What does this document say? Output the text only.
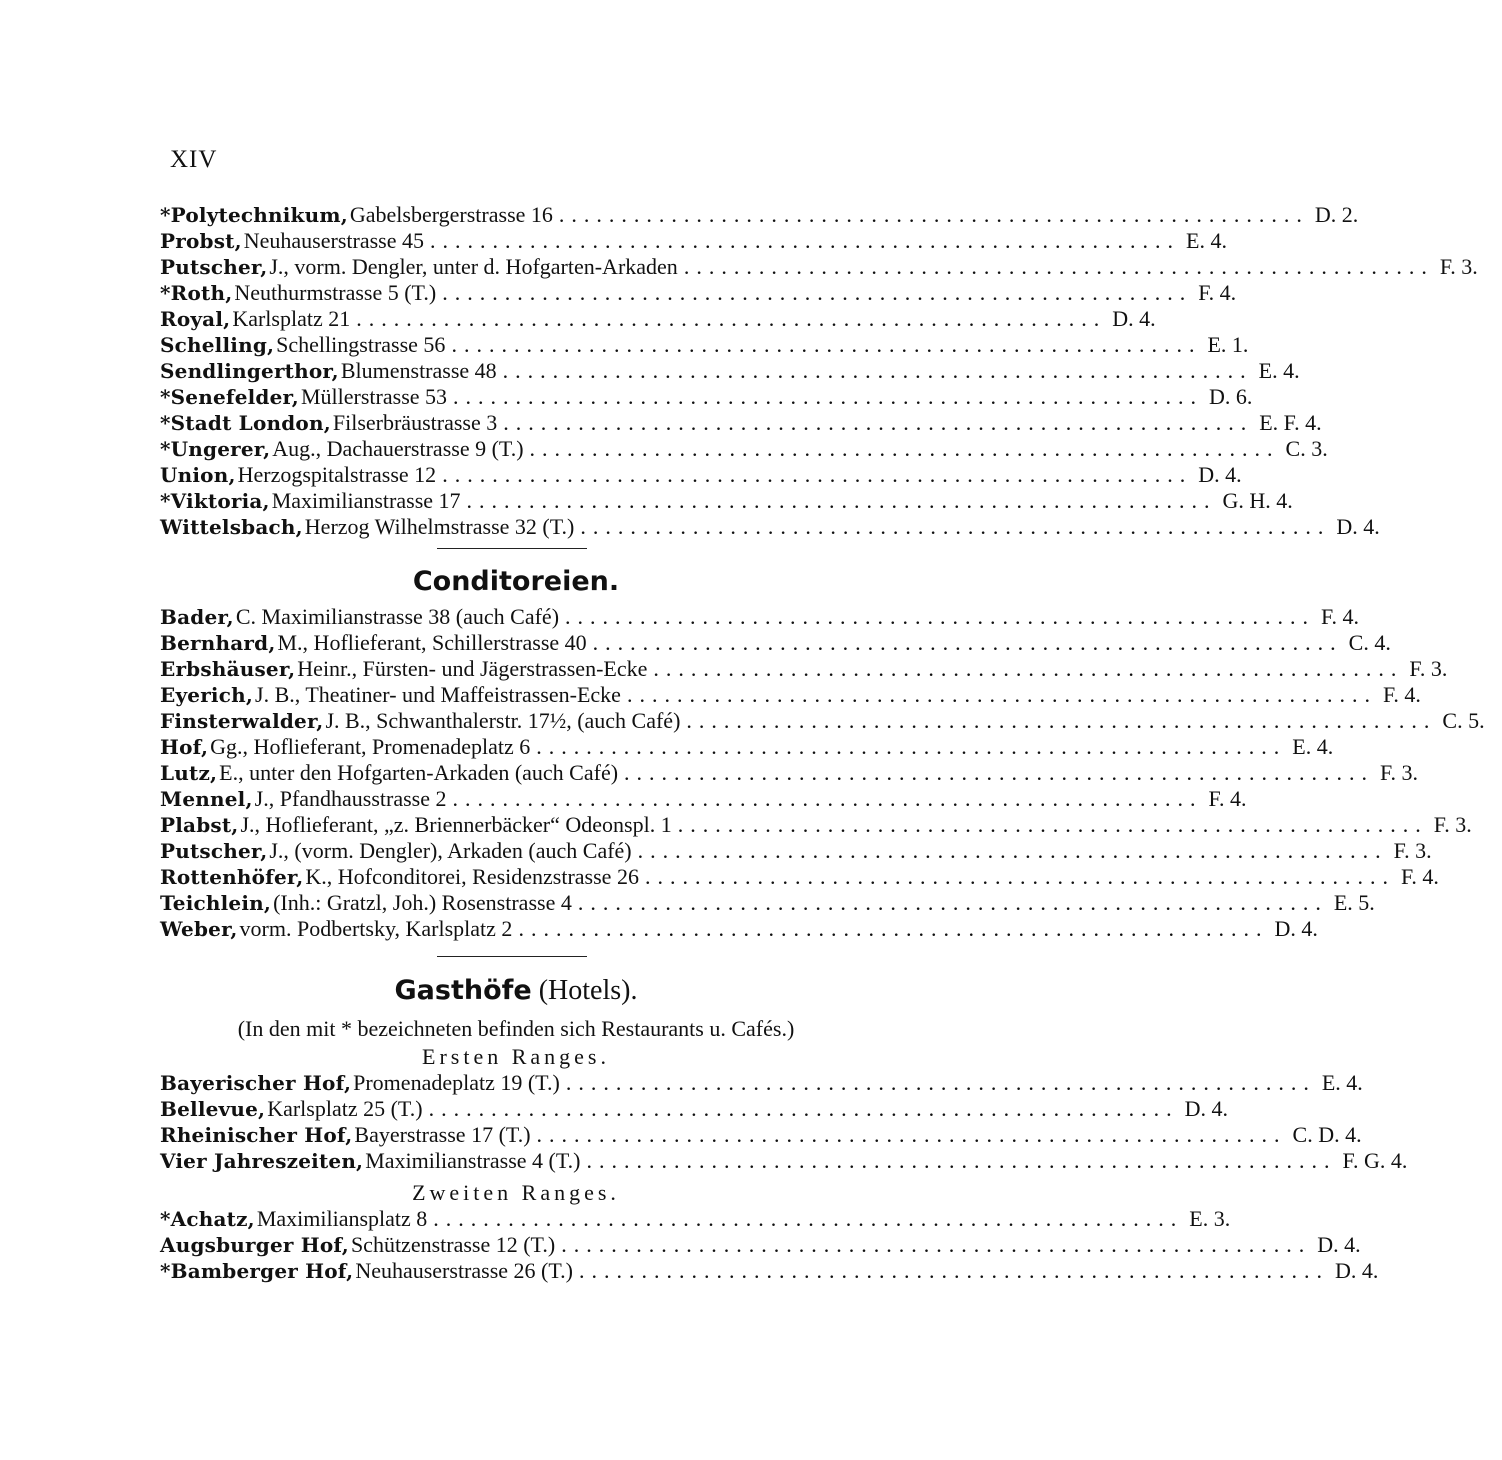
XIV
*Polytechnikum, Gabelsbergerstrasse 16 ............................................................ D. 2.
Probst, Neuhauserstrasse 45 ............................................................ E. 4.
Putscher, J., vorm. Dengler, unter d. Hofgarten-Arkaden ............................................................ F. 3.
*Roth, Neuthurmstrasse 5 (T.) ............................................................ F. 4.
Royal, Karlsplatz 21 ............................................................ D. 4.
Schelling, Schellingstrasse 56 ............................................................ E. 1.
Sendlingerthor, Blumenstrasse 48 ............................................................ E. 4.
*Senefelder, Müllerstrasse 53 ............................................................ D. 6.
*Stadt London, Filserbräustrasse 3 ............................................................ E. F. 4.
*Ungerer, Aug., Dachauerstrasse 9 (T.) ............................................................ C. 3.
Union, Herzogspitalstrasse 12 ............................................................ D. 4.
*Viktoria, Maximilianstrasse 17 ............................................................ G. H. 4.
Wittelsbach, Herzog Wilhelmstrasse 32 (T.) ............................................................ D. 4.
Conditoreien.
Bader, C. Maximilianstrasse 38 (auch Café) ............................................................ F. 4.
Bernhard, M., Hoflieferant, Schillerstrasse 40 ............................................................ C. 4.
Erbshäuser, Heinr., Fürsten- und Jägerstrassen-Ecke ............................................................ F. 3.
Eyerich, J. B., Theatiner- und Maffeistrassen-Ecke ............................................................ F. 4.
Finsterwalder, J. B., Schwanthalerstr. 17½, (auch Café) ............................................................ C. 5.
Hof, Gg., Hoflieferant, Promenadeplatz 6 ............................................................ E. 4.
Lutz, E., unter den Hofgarten-Arkaden (auch Café) ............................................................ F. 3.
Mennel, J., Pfandhausstrasse 2 ............................................................ F. 4.
Plabst, J., Hoflieferant, „z. Briennerbäcker“ Odeonspl. 1 ............................................................ F. 3.
Putscher, J., (vorm. Dengler), Arkaden (auch Café) ............................................................ F. 3.
Rottenhöfer, K., Hofconditorei, Residenzstrasse 26 ............................................................ F. 4.
Teichlein, (Inh.: Gratzl, Joh.) Rosenstrasse 4 ............................................................ E. 5.
Weber, vorm. Podbertsky, Karlsplatz 2 ............................................................ D. 4.
Gasthöfe (Hotels).
(In den mit * bezeichneten befinden sich Restaurants u. Cafés.)
Ersten Ranges.
Bayerischer Hof, Promenadeplatz 19 (T.) ............................................................ E. 4.
Bellevue, Karlsplatz 25 (T.) ............................................................ D. 4.
Rheinischer Hof, Bayerstrasse 17 (T.) ............................................................ C. D. 4.
Vier Jahreszeiten, Maximilianstrasse 4 (T.) ............................................................ F. G. 4.
Zweiten Ranges.
*Achatz, Maximiliansplatz 8 ............................................................ E. 3.
Augsburger Hof, Schützenstrasse 12 (T.) ............................................................ D. 4.
*Bamberger Hof, Neuhauserstrasse 26 (T.) ............................................................ D. 4.
